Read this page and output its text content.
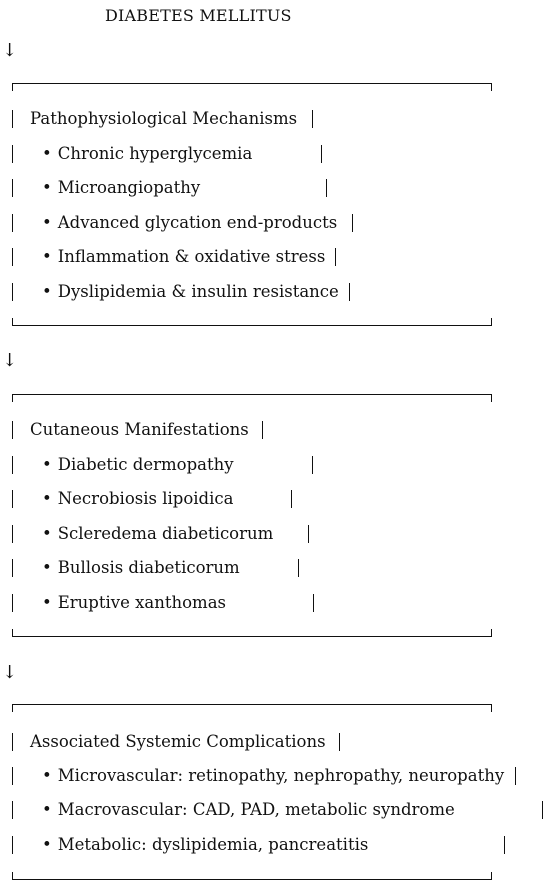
DIABETES MELLITUS
↓
Pathophysiological Mechanisms
• Chronic hyperglycemia
• Microangiopathy
• Advanced glycation end-products
• Inflammation & oxidative stress
• Dyslipidemia & insulin resistance
↓
Cutaneous Manifestations
• Diabetic dermopathy
• Necrobiosis lipoidica
• Scleredema diabeticorum
• Bullosis diabeticorum
• Eruptive xanthomas
↓
Associated Systemic Complications
• Microvascular: retinopathy, nephropathy, neuropathy
• Macrovascular: CAD, PAD, metabolic syndrome
• Metabolic: dyslipidemia, pancreatitis
